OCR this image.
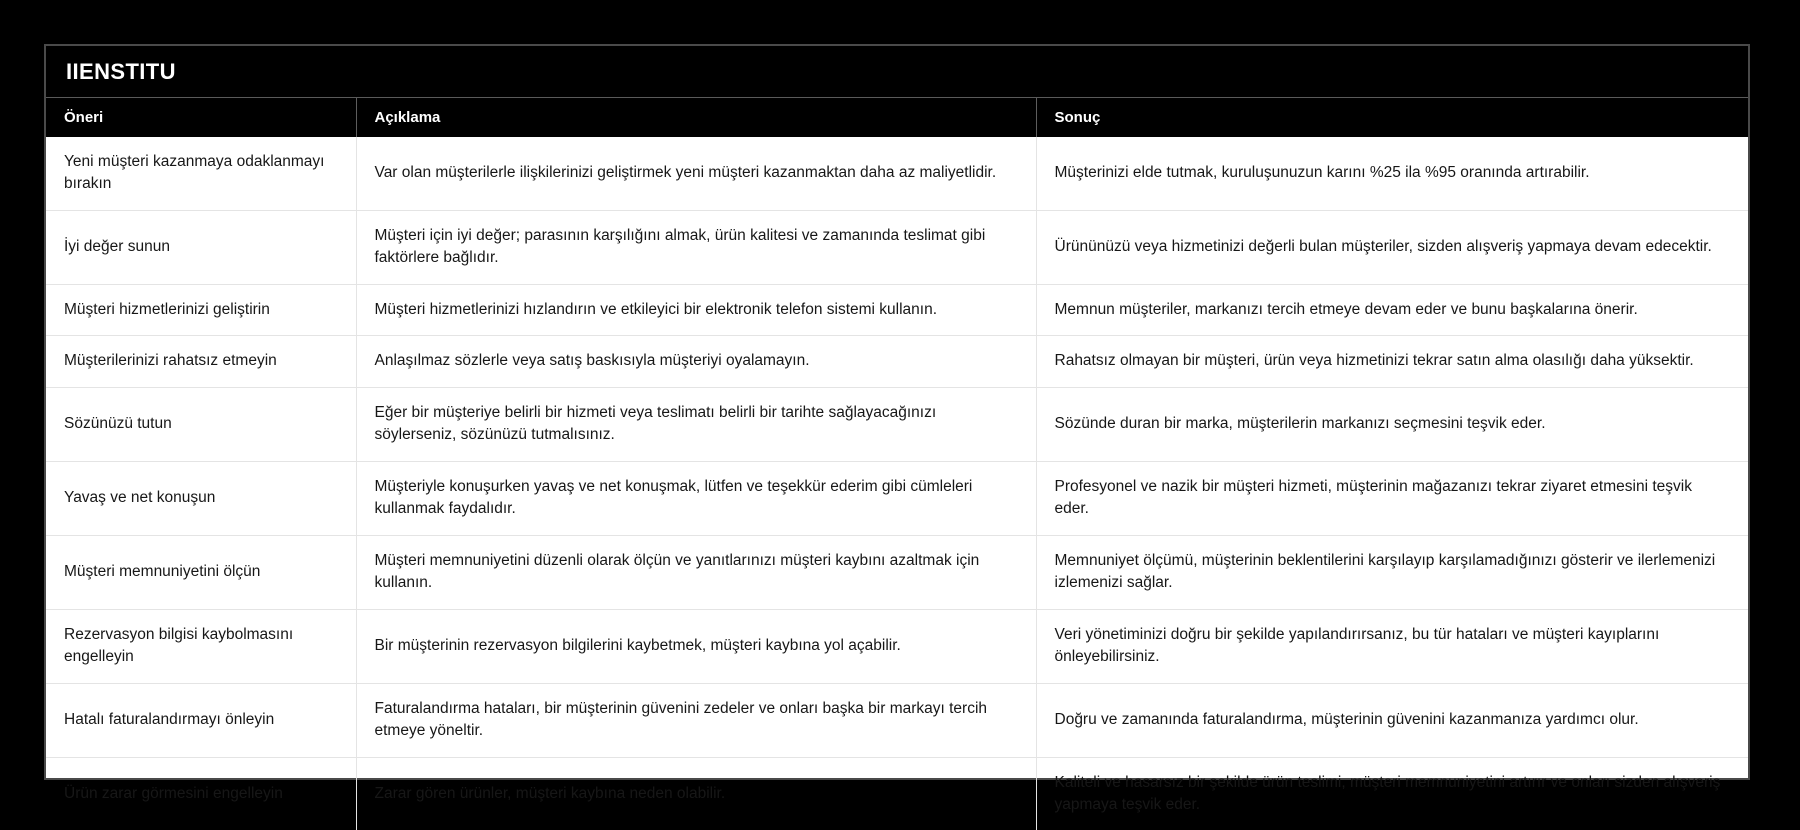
IIENSTITU
Öneri	Açıklama	Sonuç
Yeni müşteri kazanmaya odaklanmayı bırakın	Var olan müşterilerle ilişkilerinizi geliştirmek yeni müşteri kazanmaktan daha az maliyetlidir.	Müşterinizi elde tutmak, kuruluşunuzun karını %25 ila %95 oranında artırabilir.
İyi değer sunun	Müşteri için iyi değer; parasının karşılığını almak, ürün kalitesi ve zamanında teslimat gibi faktörlere bağlıdır.	Ürününüzü veya hizmetinizi değerli bulan müşteriler, sizden alışveriş yapmaya devam edecektir.
Müşteri hizmetlerinizi geliştirin	Müşteri hizmetlerinizi hızlandırın ve etkileyici bir elektronik telefon sistemi kullanın.	Memnun müşteriler, markanızı tercih etmeye devam eder ve bunu başkalarına önerir.
Müşterilerinizi rahatsız etmeyin	Anlaşılmaz sözlerle veya satış baskısıyla müşteriyi oyalamayın.	Rahatsız olmayan bir müşteri, ürün veya hizmetinizi tekrar satın alma olasılığı daha yüksektir.
Sözünüzü tutun	Eğer bir müşteriye belirli bir hizmeti veya teslimatı belirli bir tarihte sağlayacağınızı söylerseniz, sözünüzü tutmalısınız.	Sözünde duran bir marka, müşterilerin markanızı seçmesini teşvik eder.
Yavaş ve net konuşun	Müşteriyle konuşurken yavaş ve net konuşmak, lütfen ve teşekkür ederim gibi cümleleri kullanmak faydalıdır.	Profesyonel ve nazik bir müşteri hizmeti, müşterinin mağazanızı tekrar ziyaret etmesini teşvik eder.
Müşteri memnuniyetini ölçün	Müşteri memnuniyetini düzenli olarak ölçün ve yanıtlarınızı müşteri kaybını azaltmak için kullanın.	Memnuniyet ölçümü, müşterinin beklentilerini karşılayıp karşılamadığınızı gösterir ve ilerlemenizi izlemenizi sağlar.
Rezervasyon bilgisi kaybolmasını engelleyin	Bir müşterinin rezervasyon bilgilerini kaybetmek, müşteri kaybına yol açabilir.	Veri yönetiminizi doğru bir şekilde yapılandırırsanız, bu tür hataları ve müşteri kayıplarını önleyebilirsiniz.
Hatalı faturalandırmayı önleyin	Faturalandırma hataları, bir müşterinin güvenini zedeler ve onları başka bir markayı tercih etmeye yöneltir.	Doğru ve zamanında faturalandırma, müşterinin güvenini kazanmanıza yardımcı olur.
Ürün zarar görmesini engelleyin	Zarar gören ürünler, müşteri kaybına neden olabilir.	Kaliteli ve hasarsız bir şekilde ürün teslimi, müşteri memnuniyetini artırır ve onları sizden alışveriş yapmaya teşvik eder.
